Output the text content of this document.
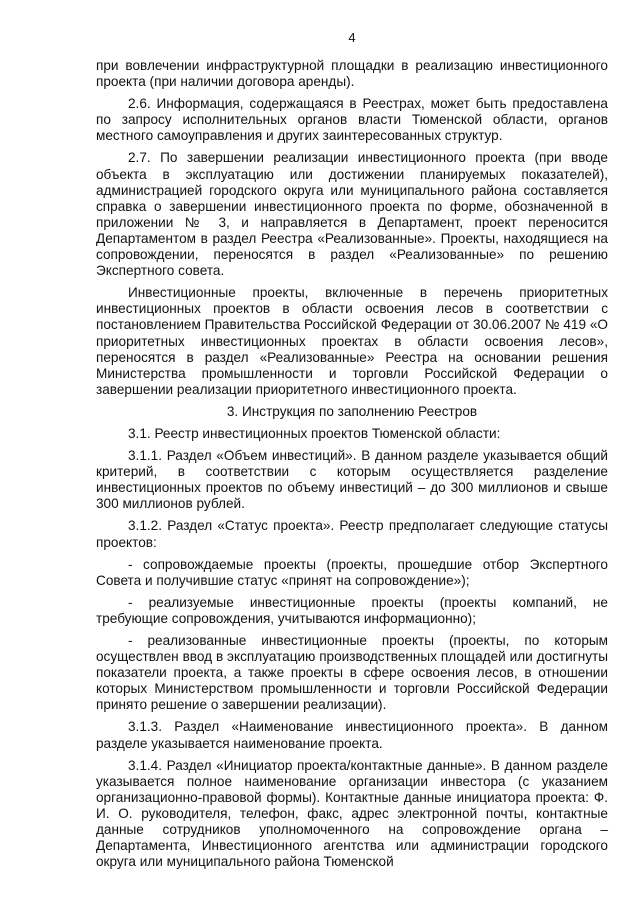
4

при вовлечении инфраструктурной площадки в реализацию инвестиционного проекта (при наличии договора аренды).

2.6. Информация, содержащаяся в Реестрах, может быть предоставлена по запросу исполнительных органов власти Тюменской области, органов местного самоуправления и других заинтересованных структур.

2.7. По завершении реализации инвестиционного проекта (при вводе объекта в эксплуатацию или достижении планируемых показателей), администрацией городского округа или муниципального района составляется справка о завершении инвестиционного проекта по форме, обозначенной в приложении № 3, и направляется в Департамент, проект переносится Департаментом в раздел Реестра «Реализованные». Проекты, находящиеся на сопровождении, переносятся в раздел «Реализованные» по решению Экспертного совета.

Инвестиционные проекты, включенные в перечень приоритетных инвестиционных проектов в области освоения лесов в соответствии с постановлением Правительства Российской Федерации от 30.06.2007 № 419 «О приоритетных инвестиционных проектах в области освоения лесов», переносятся в раздел «Реализованные» Реестра на основании решения Министерства промышленности и торговли Российской Федерации о завершении реализации приоритетного инвестиционного проекта.

3. Инструкция по заполнению Реестров

3.1. Реестр инвестиционных проектов Тюменской области:

3.1.1. Раздел «Объем инвестиций». В данном разделе указывается общий критерий, в соответствии с которым осуществляется разделение инвестиционных проектов по объему инвестиций – до 300 миллионов и свыше 300 миллионов рублей.

3.1.2. Раздел «Статус проекта». Реестр предполагает следующие статусы проектов:

- сопровождаемые проекты (проекты, прошедшие отбор Экспертного Совета и получившие статус «принят на сопровождение»);

- реализуемые инвестиционные проекты (проекты компаний, не требующие сопровождения, учитываются информационно);

- реализованные инвестиционные проекты (проекты, по которым осуществлен ввод в эксплуатацию производственных площадей или достигнуты показатели проекта, а также проекты в сфере освоения лесов, в отношении которых Министерством промышленности и торговли Российской Федерации принято решение о завершении реализации).

3.1.3. Раздел «Наименование инвестиционного проекта». В данном разделе указывается наименование проекта.

3.1.4. Раздел «Инициатор проекта/контактные данные». В данном разделе указывается полное наименование организации инвестора (с указанием организационно-правовой формы). Контактные данные инициатора проекта: Ф. И. О. руководителя, телефон, факс, адрес электронной почты, контактные данные сотрудников уполномоченного на сопровождение органа – Департамента, Инвестиционного агентства или администрации городского округа или муниципального района Тюменской
